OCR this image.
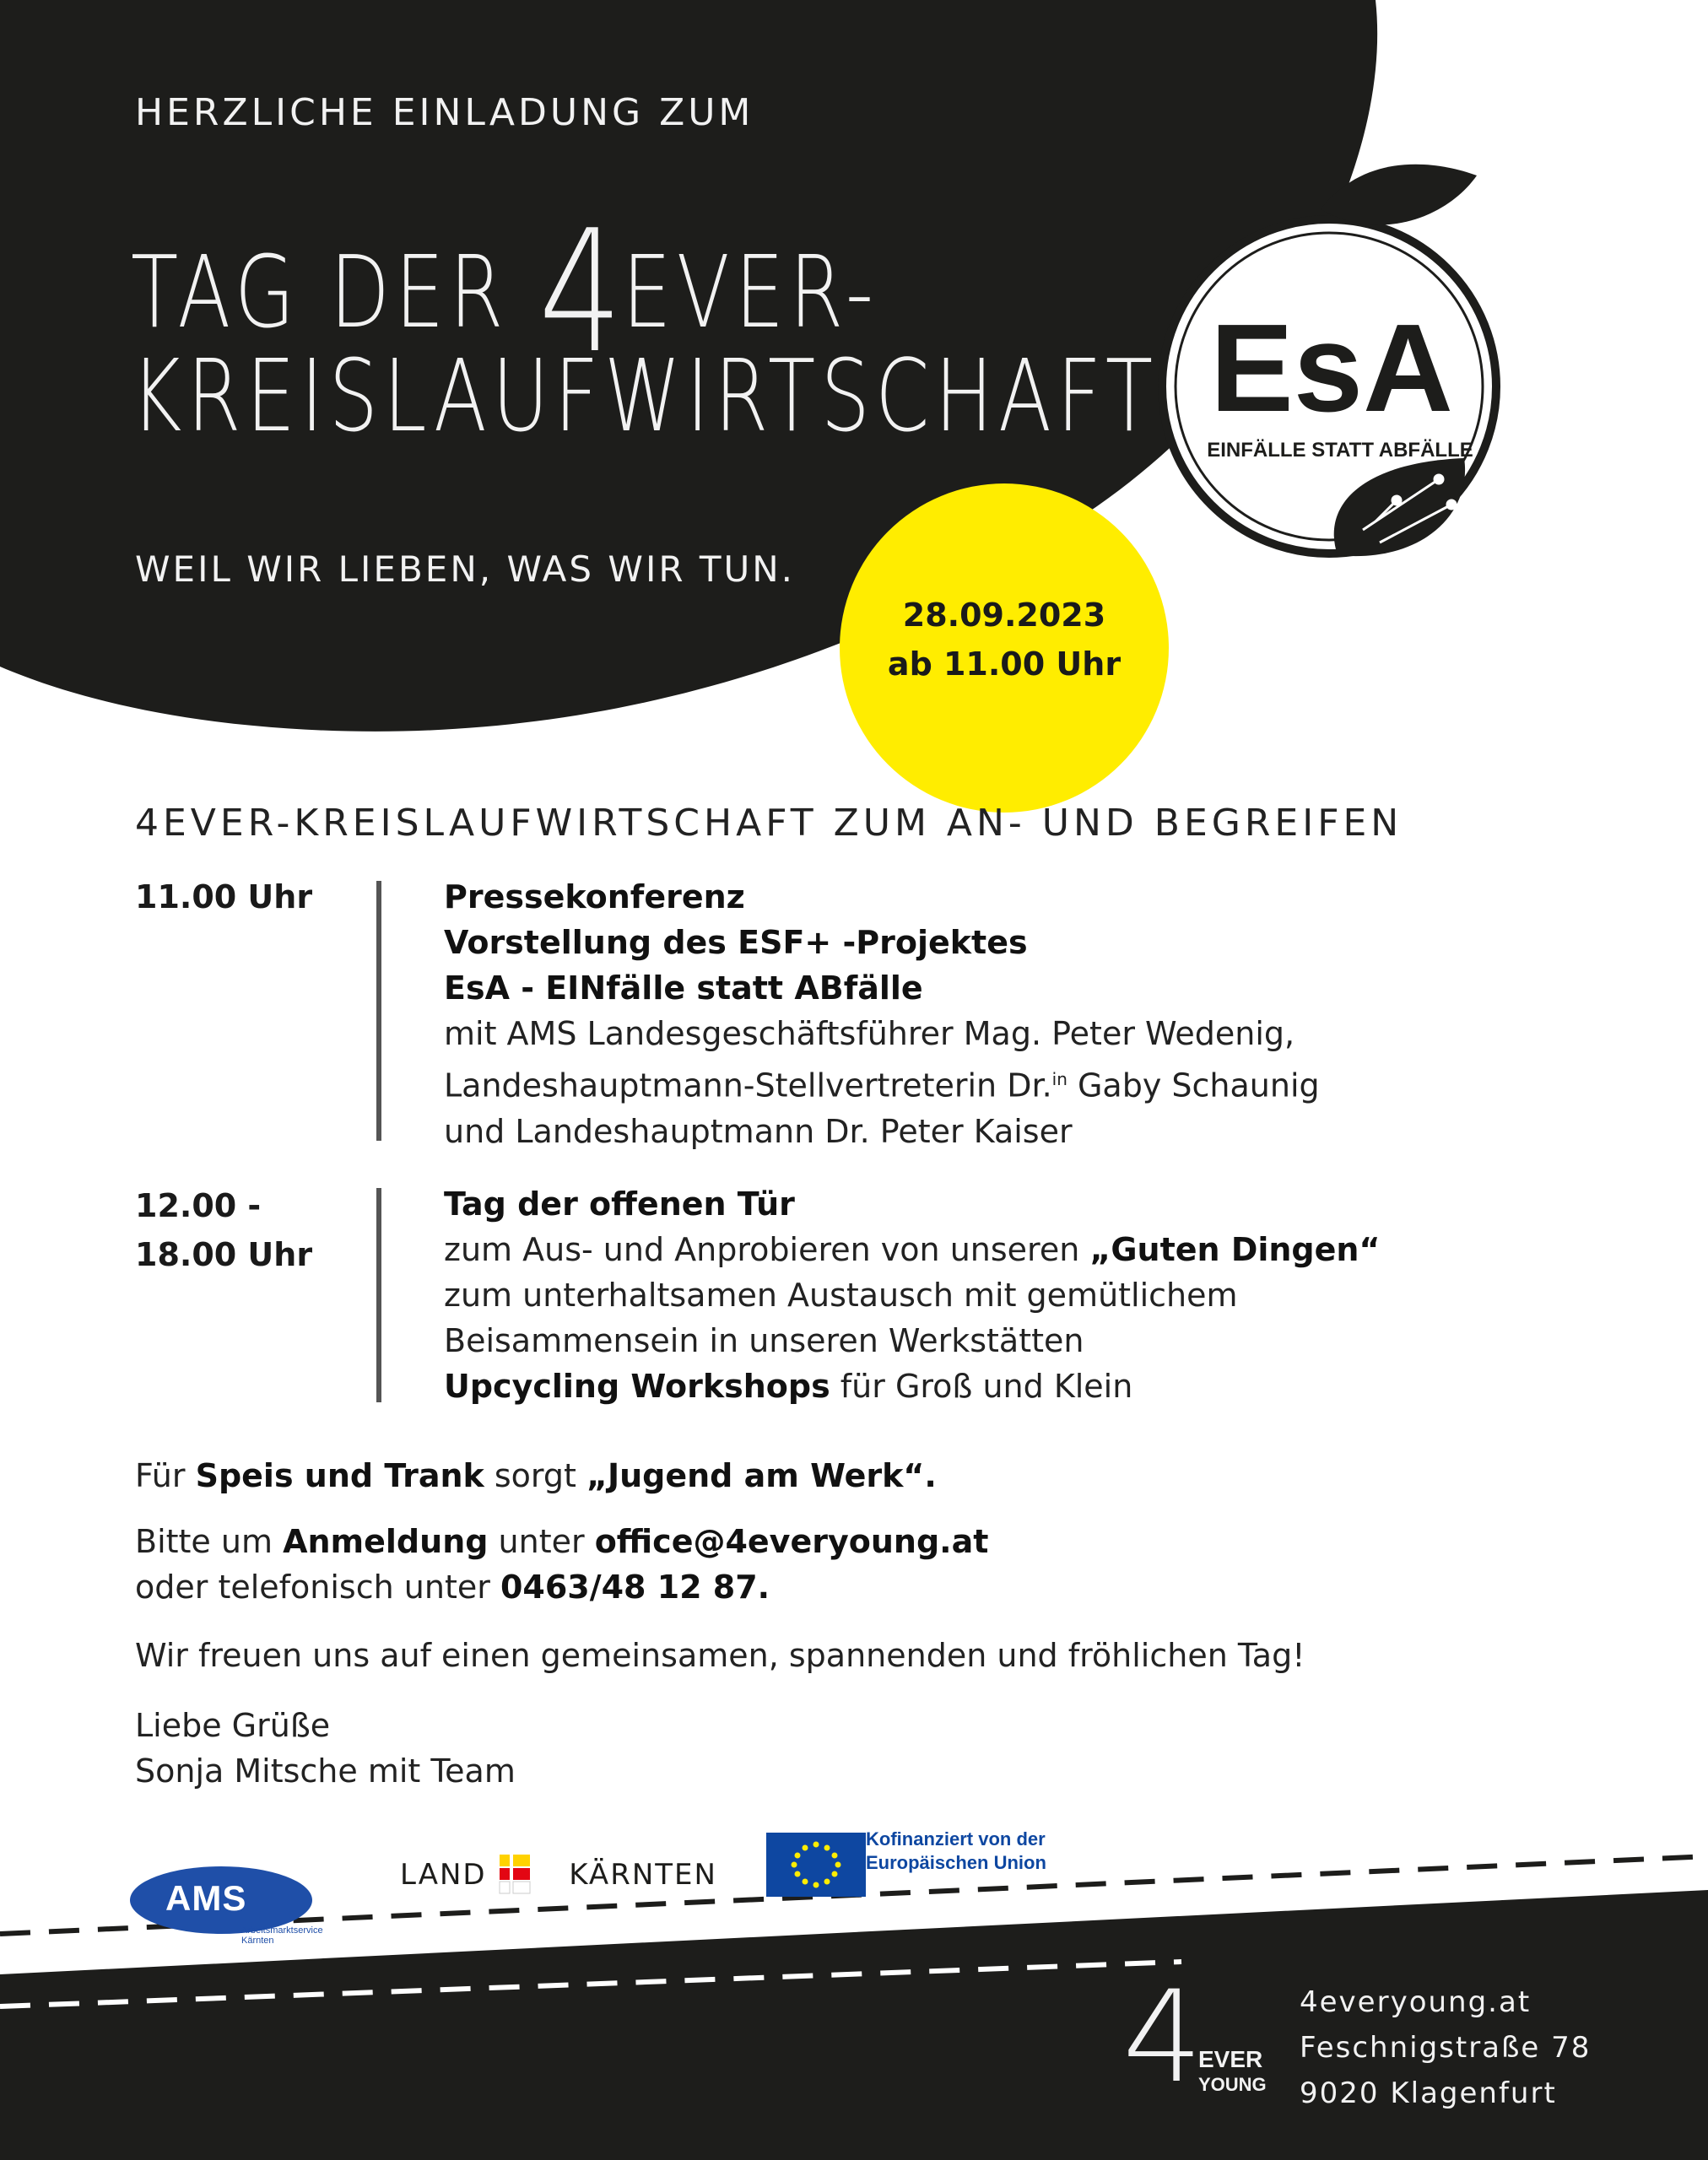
HERZLICHE EINLADUNG ZUM
TAG DER 4EVER-
KREISLAUFWIRTSCHAFT
WEIL WIR LIEBEN, WAS WIR TUN.
EsA
EINFÄLLE STATT ABFÄLLE
28.09.2023
ab 11.00 Uhr
4EVER-KREISLAUFWIRTSCHAFT ZUM AN- UND BEGREIFEN
11.00 Uhr	Pressekonferenz
Vorstellung des ESF+ -Projektes
EsA - EINfälle statt ABfälle
mit AMS Landesgeschäftsführer Mag. Peter Wedenig,
Landeshauptmann-Stellvertreterin Dr.$^{in}$ Gaby Schaunig
und Landeshauptmann Dr. Peter Kaiser
12.00 -
18.00 Uhr
Tag der offenen Tür
zum Aus- und Anprobieren von unseren „Guten Dingen“
zum unterhaltsamen Austausch mit gemütlichem
Beisammensein in unseren Werkstätten
Upcycling Workshops für Groß und Klein
Für Speis und Trank sorgt „Jugend am Werk“.
Bitte um Anmeldung unter office@4everyoung.at
oder telefonisch unter 0463/48 12 87.
Wir freuen uns auf einen gemeinsamen, spannenden und fröhlichen Tag!
Liebe Grüße
Sonja Mitsche mit Team
AMS
Arbeitsmarktservice
Kärnten
LAND	KÄRNTEN
Kofinanziert von der
Europäischen Union
4
EVER
YOUNG
4everyoung.at
Feschnigstraße 78
9020 Klagenfurt
